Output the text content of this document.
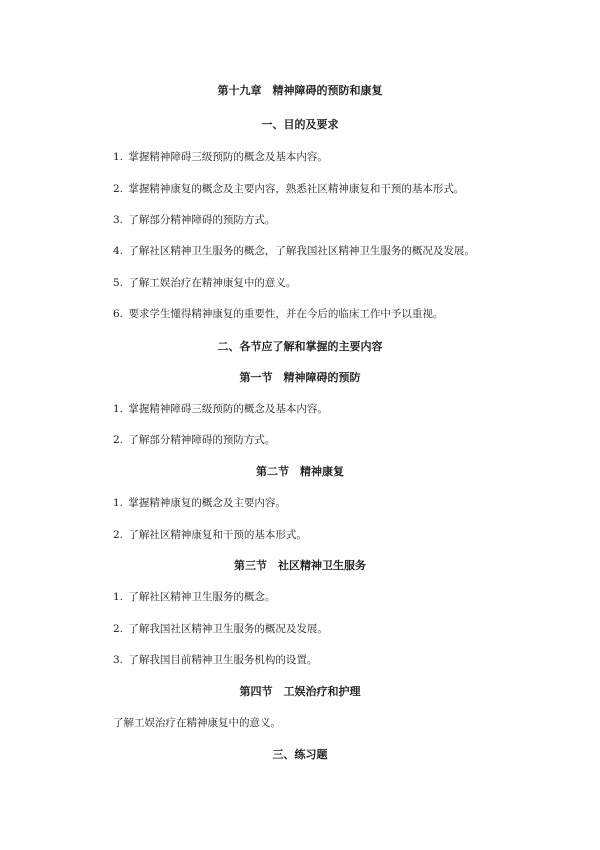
第十九章　精神障碍的预防和康复
一、目的及要求
1. 掌握精神障碍三级预防的概念及基本内容。
2. 掌握精神康复的概念及主要内容，熟悉社区精神康复和干预的基本形式。
3. 了解部分精神障碍的预防方式。
4. 了解社区精神卫生服务的概念，了解我国社区精神卫生服务的概况及发展。
5. 了解工娱治疗在精神康复中的意义。
6. 要求学生懂得精神康复的重要性，并在今后的临床工作中予以重视。
二、各节应了解和掌握的主要内容
第一节　精神障碍的预防
1. 掌握精神障碍三级预防的概念及基本内容。
2. 了解部分精神障碍的预防方式。
第二节　精神康复
1. 掌握精神康复的概念及主要内容。
2. 了解社区精神康复和干预的基本形式。
第三节　社区精神卫生服务
1. 了解社区精神卫生服务的概念。
2. 了解我国社区精神卫生服务的概况及发展。
3. 了解我国目前精神卫生服务机构的设置。
第四节　工娱治疗和护理
了解工娱治疗在精神康复中的意义。
三、练习题
